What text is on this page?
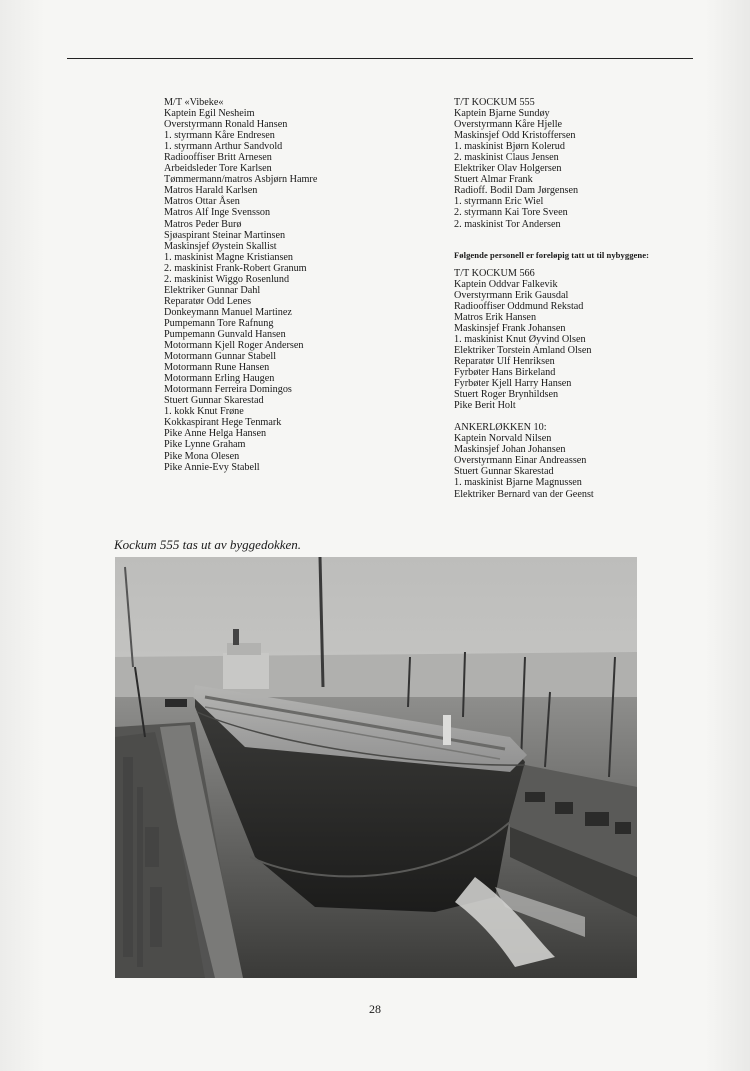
M/T «Vibeke«
Kaptein Egil Nesheim
Overstyrmann Ronald Hansen
1. styrmann Kåre Endresen
1. styrmann Arthur Sandvold
Radiooffiser Britt Arnesen
Arbeidsleder Tore Karlsen
Tømmermann/matros Asbjørn Hamre
Matros Harald Karlsen
Matros Ottar Åsen
Matros Alf Inge Svensson
Matros Peder Burø
Sjøaspirant Steinar Martinsen
Maskinsjef Øystein Skallist
1. maskinist Magne Kristiansen
2. maskinist Frank-Robert Granum
2. maskinist Wiggo Rosenlund
Elektriker Gunnar Dahl
Reparatør Odd Lenes
Donkeymann Manuel Martinez
Pumpemann Tore Rafnung
Pumpemann Gunvald Hansen
Motormann Kjell Roger Andersen
Motormann Gunnar Stabell
Motormann Rune Hansen
Motormann Erling Haugen
Motormann Ferreira Domingos
Stuert Gunnar Skarestad
1. kokk Knut Frøne
Kokkaspirant Hege Tenmark
Pike Anne Helga Hansen
Pike Lynne Graham
Pike Mona Olesen
Pike Annie-Evy Stabell
T/T KOCKUM 555
Kaptein Bjarne Sundøy
Overstyrmann Kåre Hjelle
Maskinsjef Odd Kristoffersen
1. maskinist Bjørn Kolerud
2. maskinist Claus Jensen
Elektriker Olav Holgersen
Stuert Almar Frank
Radioff. Bodil Dam Jørgensen
1. styrmann Eric Wiel
2. styrmann Kai Tore Sveen
2. maskinist Tor Andersen
Følgende personell er foreløpig tatt ut til nybyggene:
T/T KOCKUM 566
Kaptein Oddvar Falkevik
Overstyrmann Erik Gausdal
Radiooffiser Oddmund Rekstad
Matros Erik Hansen
Maskinsjef Frank Johansen
1. maskinist Knut Øyvind Olsen
Elektriker Torstein Amland Olsen
Reparatør Ulf Henriksen
Fyrbøter Hans Birkeland
Fyrbøter Kjell Harry Hansen
Stuert Roger Brynhildsen
Pike Berit Holt
ANKERLØKKEN 10:
Kaptein Norvald Nilsen
Maskinsjef Johan Johansen
Overstyrmann Einar Andreassen
Stuert Gunnar Skarestad
1. maskinist Bjarne Magnussen
Elektriker Bernard van der Geenst
Kockum 555 tas ut av byggedokken.
28
